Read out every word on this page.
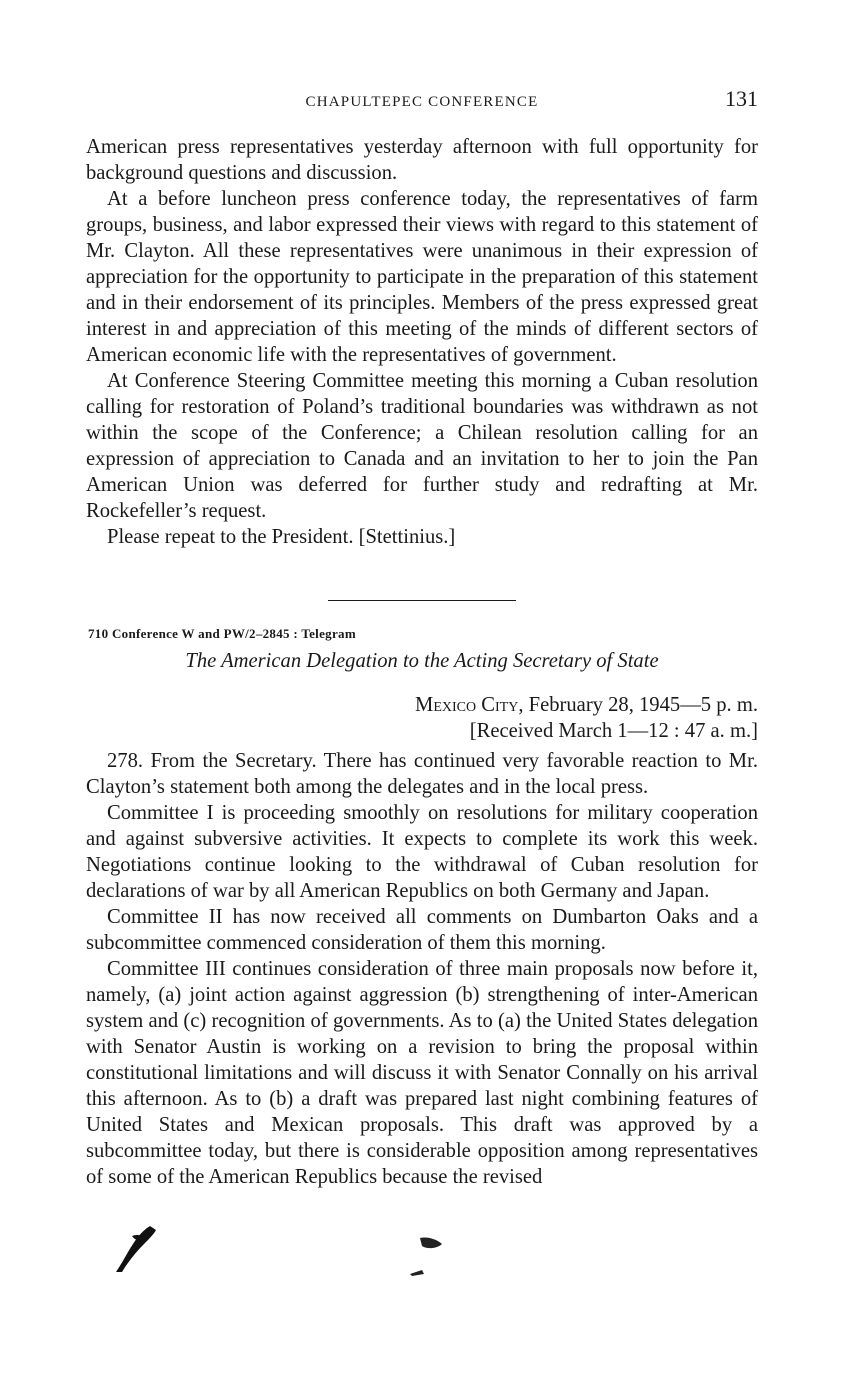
CHAPULTEPEC CONFERENCE	131

American press representatives yesterday afternoon with full opportunity for background questions and discussion.

At a before luncheon press conference today, the representatives of farm groups, business, and labor expressed their views with regard to this statement of Mr. Clayton. All these representatives were unanimous in their expression of appreciation for the opportunity to participate in the preparation of this statement and in their endorsement of its principles. Members of the press expressed great interest in and appreciation of this meeting of the minds of different sectors of American economic life with the representatives of government.

At Conference Steering Committee meeting this morning a Cuban resolution calling for restoration of Poland’s traditional boundaries was withdrawn as not within the scope of the Conference; a Chilean resolution calling for an expression of appreciation to Canada and an invitation to her to join the Pan American Union was deferred for further study and redrafting at Mr. Rockefeller’s request.

Please repeat to the President. [Stettinius.]

710 Conference W and PW/2–2845 : Telegram
The American Delegation to the Acting Secretary of State
Mexico City, February 28, 1945—5 p. m.
[Received March 1—12 : 47 a. m.]

278. From the Secretary. There has continued very favorable reaction to Mr. Clayton’s statement both among the delegates and in the local press.

Committee I is proceeding smoothly on resolutions for military cooperation and against subversive activities. It expects to complete its work this week. Negotiations continue looking to the withdrawal of Cuban resolution for declarations of war by all American Republics on both Germany and Japan.

Committee II has now received all comments on Dumbarton Oaks and a subcommittee commenced consideration of them this morning.

Committee III continues consideration of three main proposals now before it, namely, (a) joint action against aggression (b) strengthening of inter-American system and (c) recognition of governments. As to (a) the United States delegation with Senator Austin is working on a revision to bring the proposal within constitutional limitations and will discuss it with Senator Connally on his arrival this afternoon. As to (b) a draft was prepared last night combining features of United States and Mexican proposals. This draft was approved by a subcommittee today, but there is considerable opposition among representatives of some of the American Republics because the revised
